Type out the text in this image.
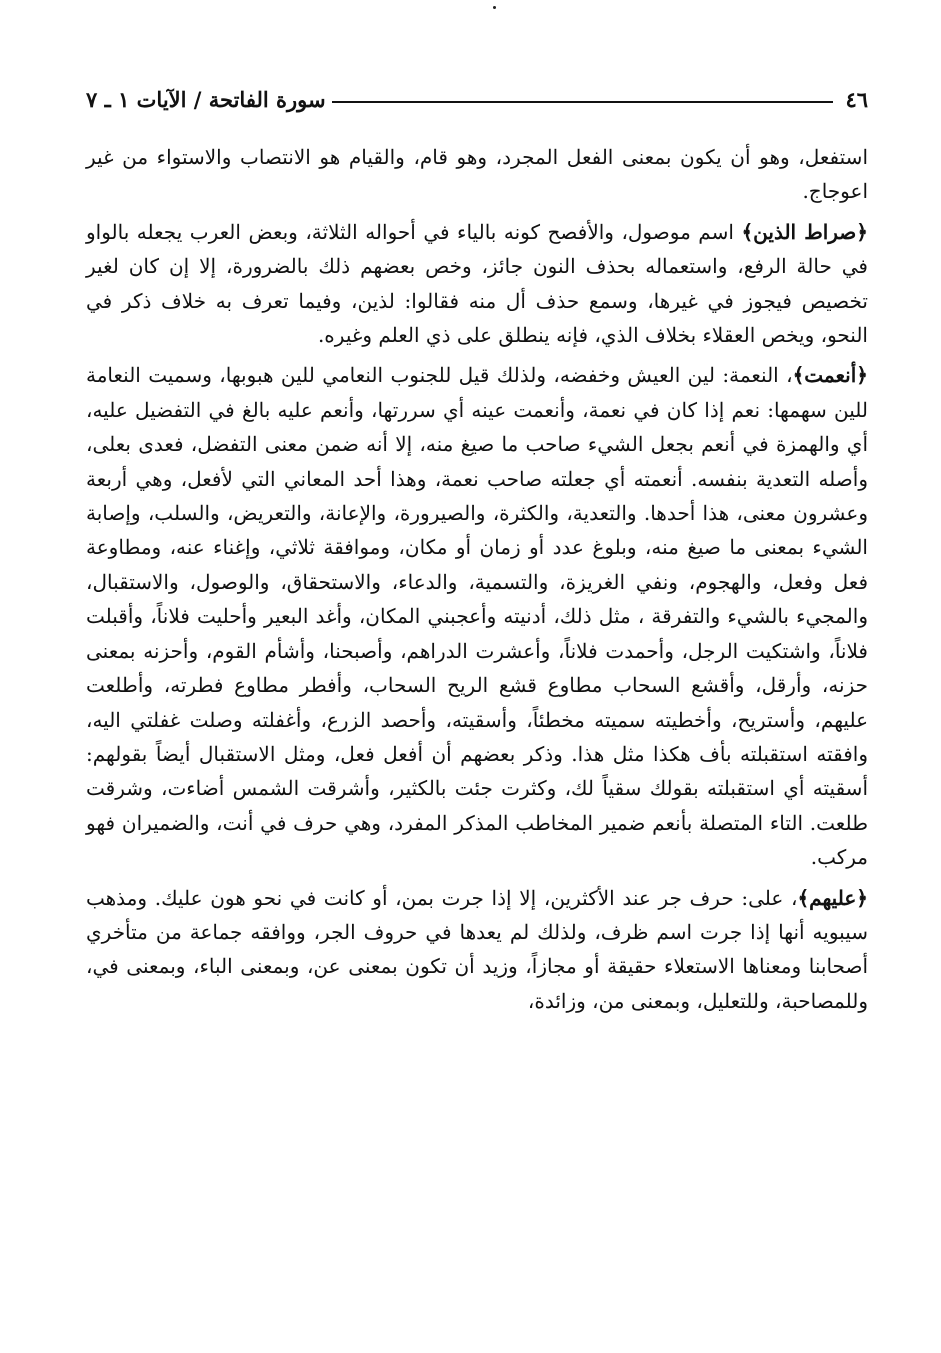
٤٦
سورة الفاتحة / الآيات ١ ـ ٧

استفعل، وهو أن يكون بمعنى الفعل المجرد، وهو قام، والقيام هو الانتصاب والاستواء من غير اعوجاج.

﴿صراط الذين﴾ اسم موصول، والأفصح كونه بالياء في أحواله الثلاثة، وبعض العرب يجعله بالواو في حالة الرفع، واستعماله بحذف النون جائز، وخص بعضهم ذلك بالضرورة، إلا إن كان لغير تخصيص فيجوز في غيرها، وسمع حذف أل منه فقالوا: لذين، وفيما تعرف به خلاف ذكر في النحو، ويخص العقلاء بخلاف الذي، فإنه ينطلق على ذي العلم وغيره.

﴿أنعمت﴾، النعمة: لين العيش وخفضه، ولذلك قيل للجنوب النعامي للين هبوبها، وسميت النعامة للين سهمها: نعم إذا كان في نعمة، وأنعمت عينه أي سررتها، وأنعم عليه بالغ في التفضيل عليه، أي والهمزة في أنعم بجعل الشيء صاحب ما صيغ منه، إلا أنه ضمن معنى التفضل، فعدى بعلى، وأصله التعدية بنفسه. أنعمته أي جعلته صاحب نعمة، وهذا أحد المعاني التي لأفعل، وهي أربعة وعشرون معنى، هذا أحدها. والتعدية، والكثرة، والصيرورة، والإعانة، والتعريض، والسلب، وإصابة الشيء بمعنى ما صيغ منه، وبلوغ عدد أو زمان أو مكان، وموافقة ثلاثي، وإغناء عنه، ومطاوعة فعل وفعل، والهجوم، ونفي الغريزة، والتسمية، والدعاء، والاستحقاق، والوصول، والاستقبال، والمجيء بالشيء والتفرقة ، مثل ذلك، أدنيته وأعجبني المكان، وأغد البعير وأحليت فلاناً، وأقبلت فلاناً، واشتكيت الرجل، وأحمدت فلاناً، وأعشرت الدراهم، وأصبحنا، وأشأم القوم، وأحزنه بمعنى حزنه، وأرقل، وأقشع السحاب مطاوع قشع الريح السحاب، وأفطر مطاوع فطرته، وأطلعت عليهم، وأستريح، وأخطيته سميته مخطئاً، وأسقيته، وأحصد الزرع، وأغفلته وصلت غفلتي اليه، وافقته استقبلته بأف هكذا مثل هذا. وذكر بعضهم أن أفعل فعل، ومثل الاستقبال أيضاً بقولهم: أسقيته أي استقبلته بقولك سقياً لك، وكثرت جئت بالكثير، وأشرقت الشمس أضاءت، وشرقت طلعت. التاء المتصلة بأنعم ضمير المخاطب المذكر المفرد، وهي حرف في أنت، والضميران فهو مركب.

﴿عليهم﴾، على: حرف جر عند الأكثرين، إلا إذا جرت بمن، أو كانت في نحو هون عليك. ومذهب سيبويه أنها إذا جرت اسم ظرف، ولذلك لم يعدها في حروف الجر، ووافقه جماعة من متأخري أصحابنا ومعناها الاستعلاء حقيقة أو مجازاً، وزيد أن تكون بمعنى عن، وبمعنى الباء، وبمعنى في، وللمصاحبة، وللتعليل، وبمعنى من، وزائدة،
